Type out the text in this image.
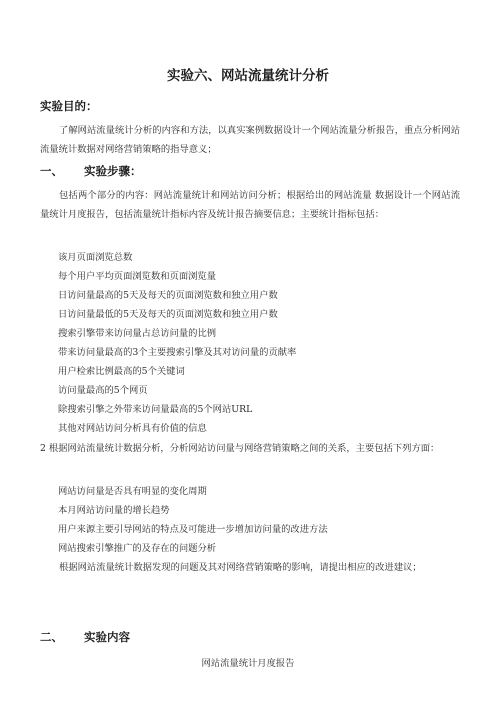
实验六、网站流量统计分析
实验目的：
了解网站流量统计分析的内容和方法，以真实案例数据设计一个网站流量分析报告，重点分析网站流量统计数据对网络营销策略的指导意义；
一、 实验步骤：
包括两个部分的内容：网站流量统计和网站访问分析；根据给出的网站流量 数据设计一个网站流量统计月度报告，包括流量统计指标内容及统计报告摘要信息；主要统计指标包括：
该月页面浏览总数
每个用户平均页面浏览数和页面浏览量
日访问量最高的5天及每天的页面浏览数和独立用户数
日访问量最低的5天及每天的页面浏览数和独立用户数
搜索引擎带来访问量占总访问量的比例
带来访问量最高的3个主要搜索引擎及其对访问量的贡献率
用户检索比例最高的5个关键词
访问量最高的5个网页
除搜索引擎之外带来访问量最高的5个网站URL
其他对网站访问分析具有价值的信息
2 根据网站流量统计数据分析，分析网站访问量与网络营销策略之间的关系，主要包括下列方面：
网站访问量是否具有明显的变化周期
本月网站访问量的增长趋势
用户来源主要引导网站的特点及可能进一步增加访问量的改进方法
网站搜索引擎推广的及存在的问题分析
根据网站流量统计数据发现的问题及其对网络营销策略的影响，请提出相应的改进建议；
二、 实验内容
网站流量统计月度报告
